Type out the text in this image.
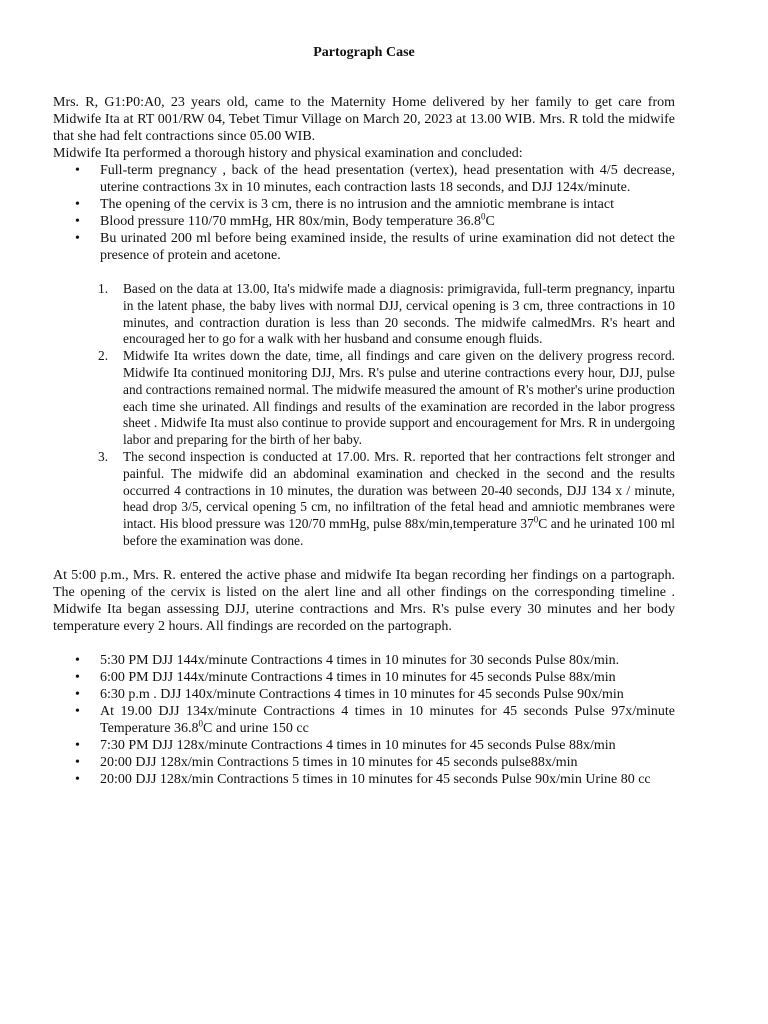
Partograph Case

Mrs. R, G1:P0:A0, 23 years old, came to the Maternity Home delivered by her family to get care from Midwife Ita at RT 001/RW 04, Tebet Timur Village on March 20, 2023 at 13.00 WIB. Mrs. R told the midwife that she had felt contractions since 05.00 WIB.

Midwife Ita performed a thorough history and physical examination and concluded:

• Full-term pregnancy , back of the head presentation (vertex), head presentation with 4/5 decrease, uterine contractions 3x in 10 minutes, each contraction lasts 18 seconds, and DJJ 124x/minute.
• The opening of the cervix is 3 cm, there is no intrusion and the amniotic membrane is intact
• Blood pressure 110/70 mmHg, HR 80x/min, Body temperature 36.8$^0$C
• Bu urinated 200 ml before being examined inside, the results of urine examination did not detect the presence of protein and acetone.
1. Based on the data at 13.00, Ita's midwife made a diagnosis: primigravida, full-term pregnancy, inpartu in the latent phase, the baby lives with normal DJJ, cervical opening is 3 cm, three contractions in 10 minutes, and contraction duration is less than 20 seconds. The midwife calmedMrs. R's heart and encouraged her to go for a walk with her husband and consume enough fluids.
2. Midwife Ita writes down the date, time, all findings and care given on the delivery progress record. Midwife Ita continued monitoring DJJ, Mrs. R's pulse and uterine contractions every hour, DJJ, pulse and contractions remained normal. The midwife measured the amount of R's mother's urine production each time she urinated. All findings and results of the examination are recorded in the labor progress sheet . Midwife Ita must also continue to provide support and encouragement for Mrs. R in undergoing labor and preparing for the birth of her baby.
3. The second inspection is conducted at 17.00. Mrs. R. reported that her contractions felt stronger and painful. The midwife did an abdominal examination and checked in the second and the results occurred 4 contractions in 10 minutes, the duration was between 20-40 seconds, DJJ 134 x / minute, head drop 3/5, cervical opening 5 cm, no infiltration of the fetal head and amniotic membranes were intact. His blood pressure was 120/70 mmHg, pulse 88x/min,temperature $37^0C$ and he urinated 100 ml before the examination was done.

At 5:00 p.m., Mrs. R. entered the active phase and midwife Ita began recording her findings on a partograph. The opening of the cervix is listed on the alert line and all other findings on the corresponding timeline . Midwife Ita began assessing DJJ, uterine contractions and Mrs. R's pulse every 30 minutes and her body temperature every 2 hours. All findings are recorded on the partograph.

• 5:30 PM DJJ 144x/minute Contractions 4 times in 10 minutes for 30 seconds Pulse 80x/min.
• 6:00 PM DJJ 144x/minute Contractions 4 times in 10 minutes for 45 seconds Pulse 88x/min
• 6:30 p.m . DJJ 140x/minute Contractions 4 times in 10 minutes for 45 seconds Pulse 90x/min
• At 19.00 DJJ 134x/minute Contractions 4 times in 10 minutes for 45 seconds Pulse 97x/minute Temperature 36.8$^0$C and urine 150 cc
• 7:30 PM DJJ 128x/minute Contractions 4 times in 10 minutes for 45 seconds Pulse 88x/min
• 20:00 DJJ 128x/min Contractions 5 times in 10 minutes for 45 seconds pulse88x/min
• 20:00 DJJ 128x/min Contractions 5 times in 10 minutes for 45 seconds Pulse 90x/min Urine 80 cc
